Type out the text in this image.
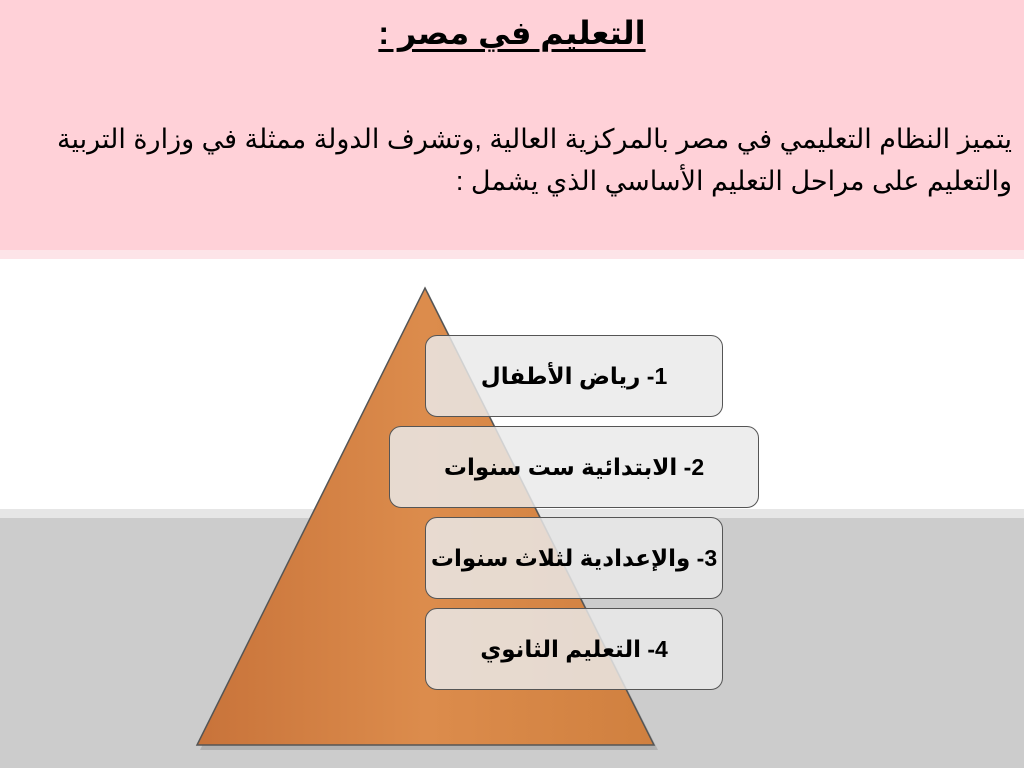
التعليم في مصر :

يتميز النظام التعليمي في مصر بالمركزية العالية ,وتشرف الدولة ممثلة في وزارة التربية والتعليم على مراحل التعليم الأساسي الذي يشمل :

1- رياض الأطفال
2- الابتدائية ست سنوات
3- والإعدادية لثلاث سنوات
4- التعليم الثانوي
